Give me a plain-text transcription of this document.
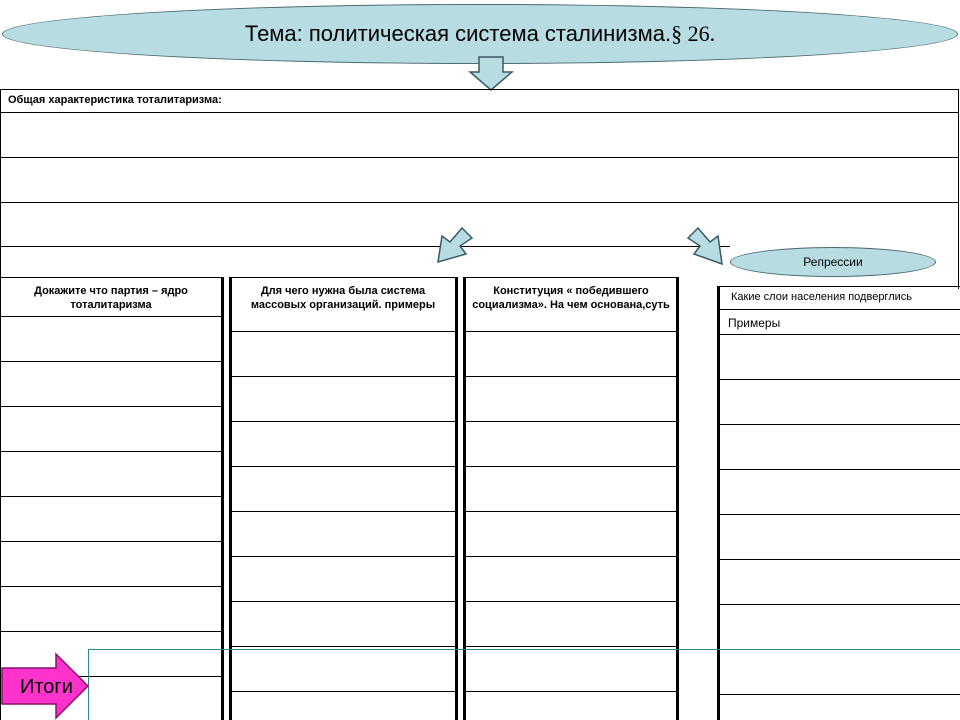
Тема: политическая система сталинизма. § 26.
Общая характеристика тоталитаризма:
Репрессии
Докажите что партия – ядро тоталитаризма
Для чего нужна была система массовых организаций. примеры
Конституция « победившего социализма». На чем основана,суть
Какие слои населения подверглись
Примеры
Итоги
